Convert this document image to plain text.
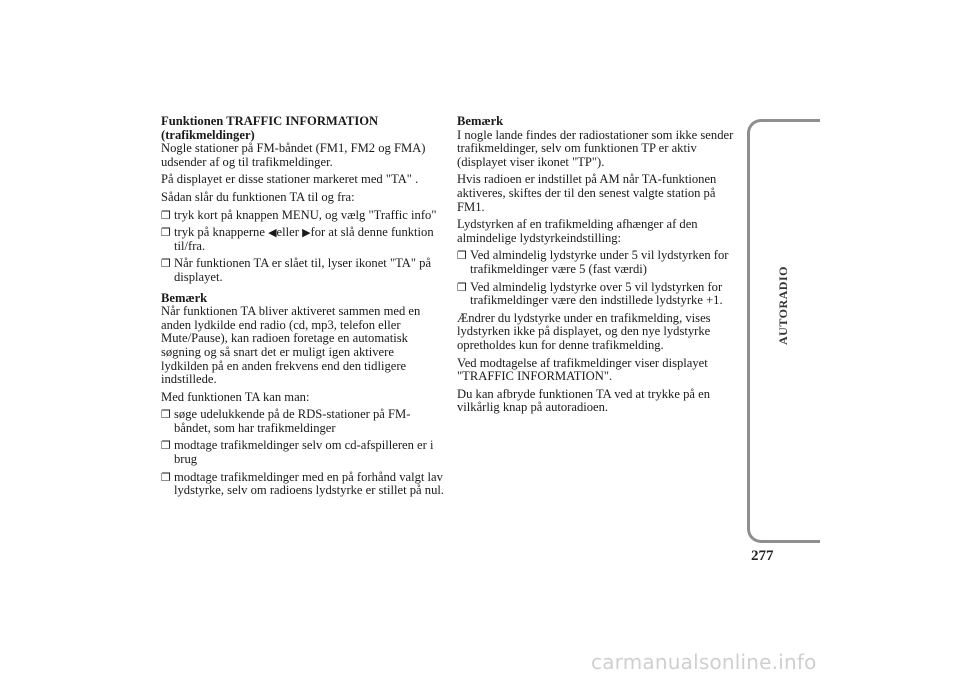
Funktionen TRAFFIC INFORMATION (trafikmeldinger)

Nogle stationer på FM-båndet (FM1, FM2 og FMA) udsender af og til trafikmeldinger.

På displayet er disse stationer markeret med "TA" .

Sådan slår du funktionen TA til og fra:

❐ tryk kort på knappen MENU, og vælg "Traffic info"
❐ tryk på knapperne ◀eller ▶for at slå denne funktion til/fra.
❐ Når funktionen TA er slået til, lyser ikonet "TA" på displayet.

Bemærk

Når funktionen TA bliver aktiveret sammen med en anden lydkilde end radio (cd, mp3, telefon eller Mute/Pause), kan radioen foretage en automatisk søgning og så snart det er muligt igen aktivere lydkilden på en anden frekvens end den tidligere indstillede.

Med funktionen TA kan man:

❐ søge udelukkende på de RDS-stationer på FM-båndet, som har trafikmeldinger
❐ modtage trafikmeldinger selv om cd-afspilleren er i brug
❐ modtage trafikmeldinger med en på forhånd valgt lav lydstyrke, selv om radioens lydstyrke er stillet på nul.

Bemærk

I nogle lande findes der radiostationer som ikke sender trafikmeldinger, selv om funktionen TP er aktiv (displayet viser ikonet "TP").

Hvis radioen er indstillet på AM når TA-funktionen aktiveres, skiftes der til den senest valgte station på FM1.

Lydstyrken af en trafikmelding afhænger af den almindelige lydstyrkeindstilling:

❐ Ved almindelig lydstyrke under 5 vil lydstyrken for trafikmeldinger være 5 (fast værdi)
❐ Ved almindelig lydstyrke over 5 vil lydstyrken for trafikmeldinger være den indstillede lydstyrke +1.

Ændrer du lydstyrke under en trafikmelding, vises lydstyrken ikke på displayet, og den nye lydstyrke opretholdes kun for denne trafikmelding.

Ved modtagelse af trafikmeldinger viser displayet "TRAFFIC INFORMATION".

Du kan afbryde funktionen TA ved at trykke på en vilkårlig knap på autoradioen.

AUTORADIO
277
carmanualsonline.info
